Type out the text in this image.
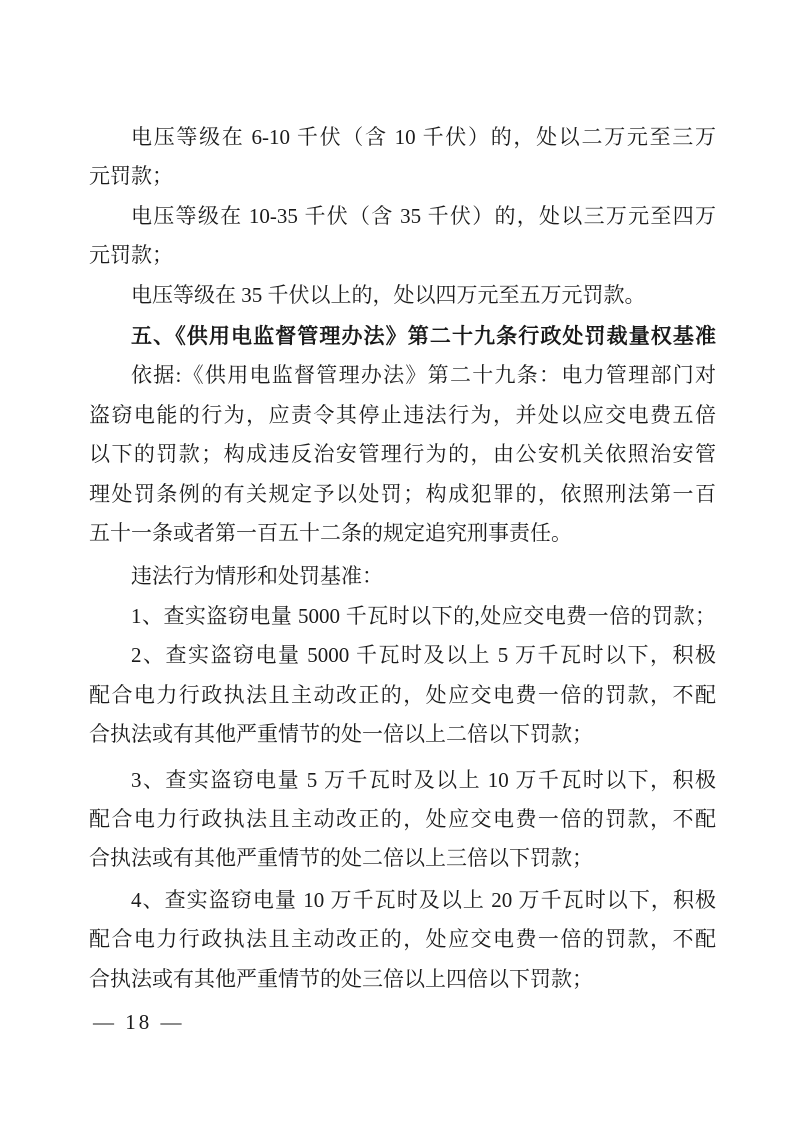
电压等级在 6-10 千伏（含 10 千伏）的，处以二万元至三万
元罚款；
电压等级在 10-35 千伏（含 35 千伏）的，处以三万元至四万
元罚款；
电压等级在 35 千伏以上的，处以四万元至五万元罚款。
五、《供用电监督管理办法》第二十九条行政处罚裁量权基准
依据:《供用电监督管理办法》第二十九条：电力管理部门对
盗窃电能的行为，应责令其停止违法行为，并处以应交电费五倍
以下的罚款；构成违反治安管理行为的，由公安机关依照治安管
理处罚条例的有关规定予以处罚；构成犯罪的，依照刑法第一百
五十一条或者第一百五十二条的规定追究刑事责任。
违法行为情形和处罚基准：
1、查实盗窃电量 5000 千瓦时以下的,处应交电费一倍的罚款；
2、查实盗窃电量 5000 千瓦时及以上 5 万千瓦时以下，积极
配合电力行政执法且主动改正的，处应交电费一倍的罚款，不配
合执法或有其他严重情节的处一倍以上二倍以下罚款；
3、查实盗窃电量 5 万千瓦时及以上 10 万千瓦时以下，积极
配合电力行政执法且主动改正的，处应交电费一倍的罚款，不配
合执法或有其他严重情节的处二倍以上三倍以下罚款；
4、查实盗窃电量 10 万千瓦时及以上 20 万千瓦时以下，积极
配合电力行政执法且主动改正的，处应交电费一倍的罚款，不配
合执法或有其他严重情节的处三倍以上四倍以下罚款；
— 18 —
